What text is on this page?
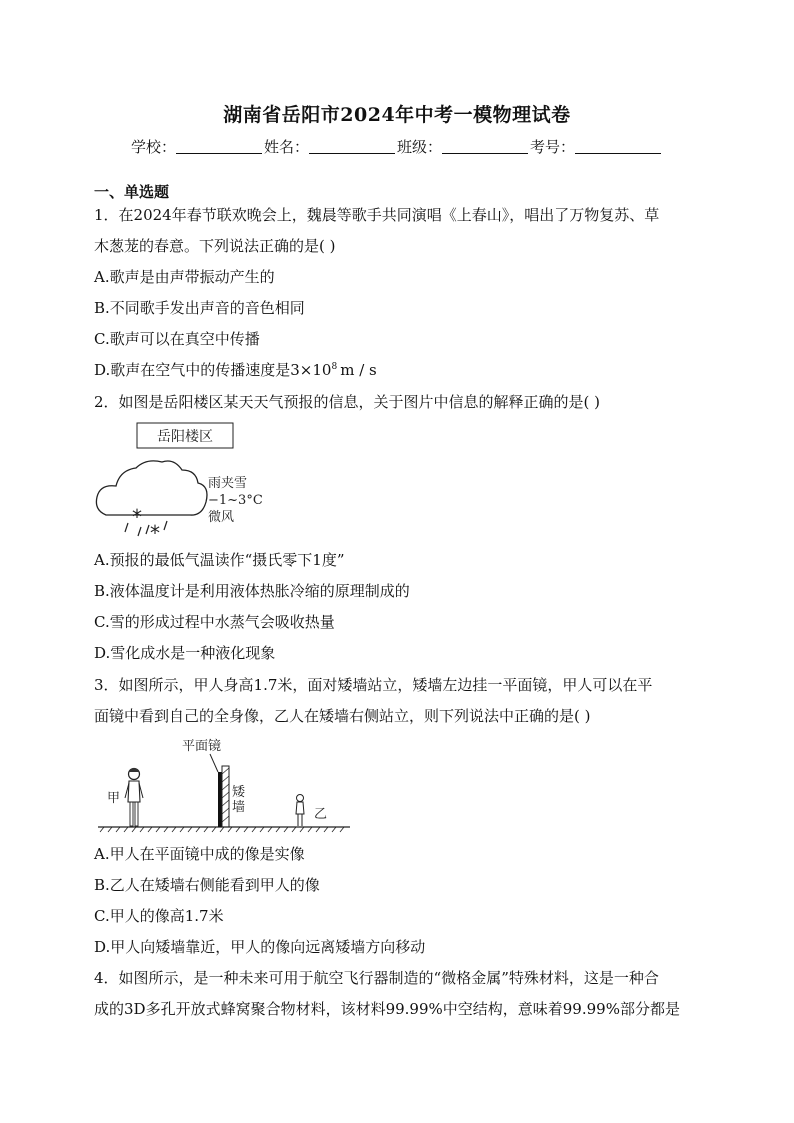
湖南省岳阳市2024年中考一模物理试卷
学校：	姓名：	班级：	考号：
一、单选题
1．在2024年春节联欢晚会上，魏晨等歌手共同演唱《上春山》，唱出了万物复苏、草
木葱茏的春意。下列说法正确的是( )
A.歌声是由声带振动产生的
B.不同歌手发出声音的音色相同
C.歌声可以在真空中传播
D.歌声在空气中的传播速度是$3\times 10^8$ m / s
2．如图是岳阳楼区某天天气预报的信息，关于图片中信息的解释正确的是( )
岳阳楼区
*
*
雨夹雪
−1~3°C
微风
A.预报的最低气温读作“摄氏零下1度”
B.液体温度计是利用液体热胀冷缩的原理制成的
C.雪的形成过程中水蒸气会吸收热量
D.雪化成水是一种液化现象
3．如图所示，甲人身高1.7米，面对矮墙站立，矮墙左边挂一平面镜，甲人可以在平
面镜中看到自己的全身像，乙人在矮墙右侧站立，则下列说法中正确的是( )
平面镜
矮
墙
甲
乙
A.甲人在平面镜中成的像是实像
B.乙人在矮墙右侧能看到甲人的像
C.甲人的像高1.7米
D.甲人向矮墙靠近，甲人的像向远离矮墙方向移动
4．如图所示，是一种未来可用于航空飞行器制造的“微格金属”特殊材料，这是一种合
成的3D多孔开放式蜂窝聚合物材料，该材料99.99%中空结构，意味着99.99%部分都是
